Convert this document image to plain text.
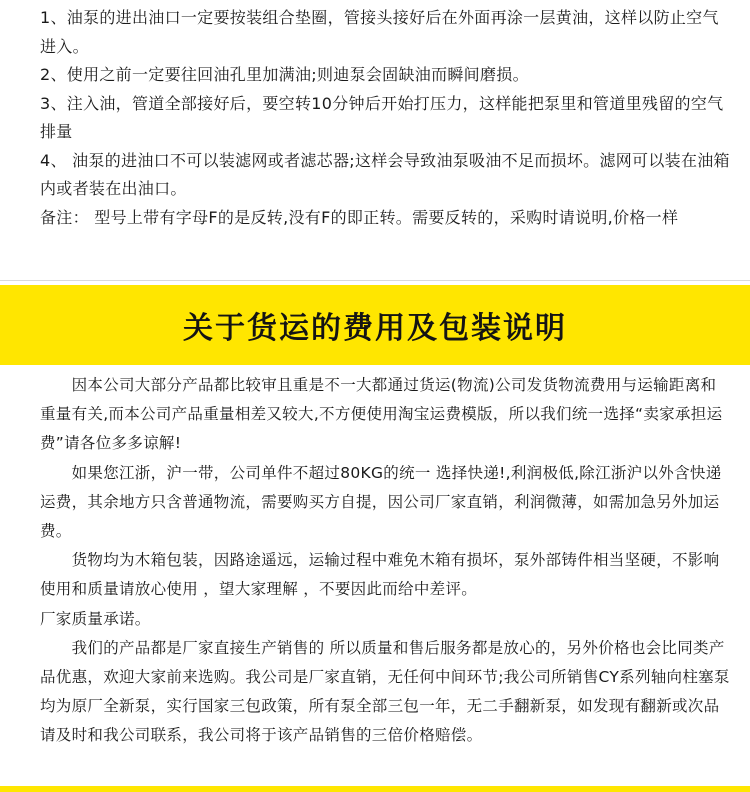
1、油泵的进出油口一定要按装组合垫圈，管接头接好后在外面再涂一层黄油，这样以防止空气进入。

2、使用之前一定要往回油孔里加满油;则迪泵会固缺油而瞬间磨损。

3、注入油，管道全部接好后，要空转10分钟后开始打压力，这样能把泵里和管道里残留的空气排量

4、 油泵的进油口不可以装滤网或者滤芯器;这样会导致油泵吸油不足而损坏。滤网可以装在油箱内或者装在出油口。

备注： 型号上带有字母F的是反转,没有F的即正转。需要反转的，采购时请说明,价格一样

关于货运的费用及包装说明

　　因本公司大部分产品都比较审且重是不一大都通过货运(物流)公司发货物流费用与运输距离和重量有关,而本公司产品重量相差又较大,不方便使用淘宝运费模版，所以我们统一选择“卖家承担运费”请各位多多谅解!

　　如果您江浙，沪一带，公司单件不超过80KG的统一 选择快递!,利润极低,除江浙沪以外含快递运费，其余地方只含普通物流，需要购买方自提，因公司厂家直销，利润微薄，如需加急另外加运费。

　　货物均为木箱包装，因路途遥远，运输过程中难免木箱有损坏，泵外部铸件相当坚硬，不影响使用和质量请放心使用 ，望大家理解 ，不要因此而给中差评。

厂家质量承诺。

　　我们的产品都是厂家直接生产销售的 所以质量和售后服务都是放心的，另外价格也会比同类产品优惠，欢迎大家前来选购。我公司是厂家直销，无任何中间环节;我公司所销售CY系列轴向柱塞泵均为原厂全新泵，实行国家三包政策，所有泵全部三包一年，无二手翻新泵，如发现有翻新或次品请及时和我公司联系，我公司将于该产品销售的三倍价格赔偿。
